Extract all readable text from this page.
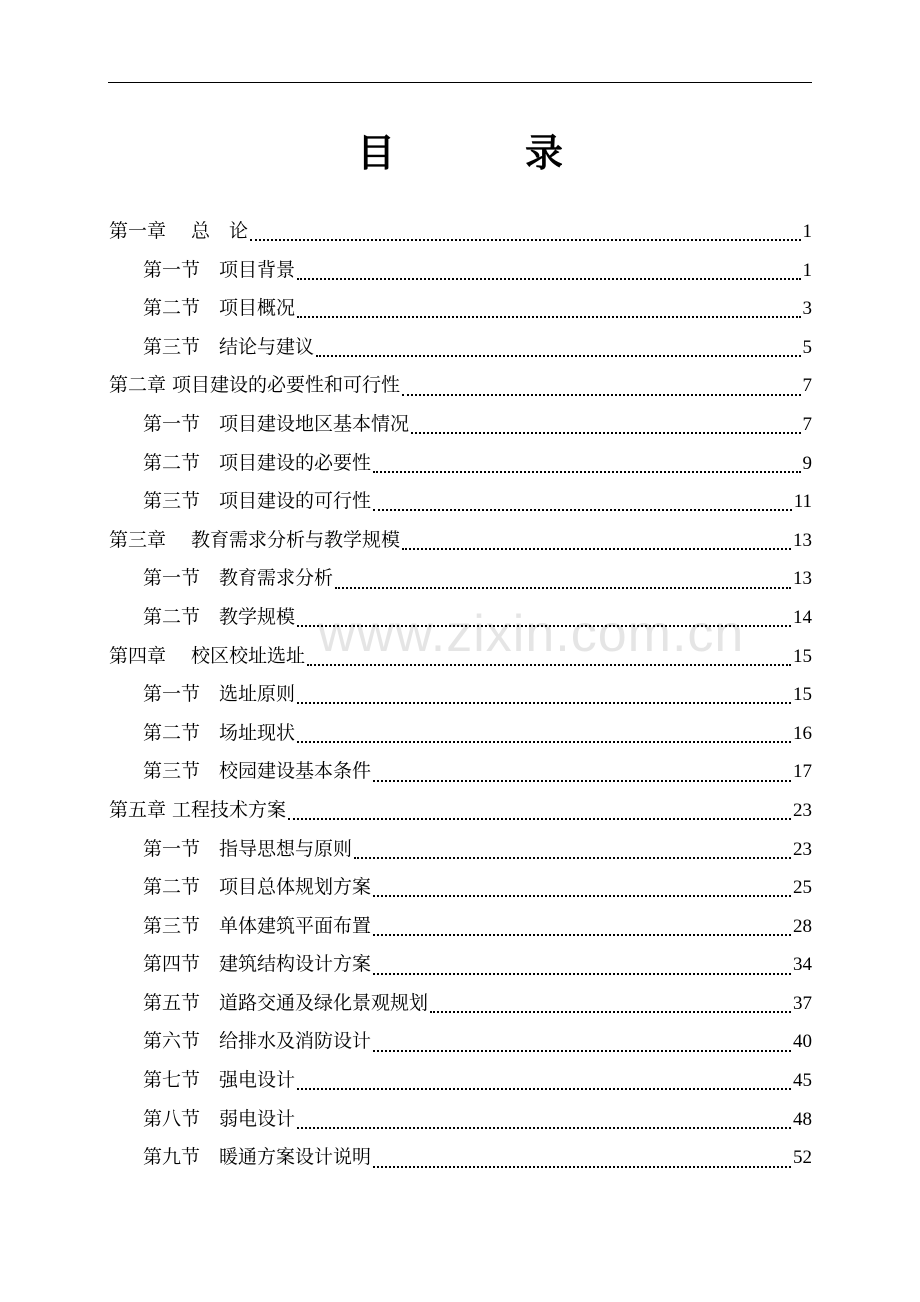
目　录
www.zixin.com.cn
第一章　 总　论	1
第一节　项目背景	1
第二节　项目概况	3
第三节　结论与建议	5
第二章 项目建设的必要性和可行性	7
第一节　项目建设地区基本情况	7
第二节　项目建设的必要性	9
第三节　项目建设的可行性	11
第三章　 教育需求分析与教学规模	13
第一节　教育需求分析	13
第二节　教学规模	14
第四章　 校区校址选址	15
第一节　选址原则	15
第二节　场址现状	16
第三节　校园建设基本条件	17
第五章 工程技术方案	23
第一节　指导思想与原则	23
第二节　项目总体规划方案	25
第三节　单体建筑平面布置	28
第四节　建筑结构设计方案	34
第五节　道路交通及绿化景观规划	37
第六节　给排水及消防设计	40
第七节　强电设计	45
第八节　弱电设计	48
第九节　暖通方案设计说明	52
